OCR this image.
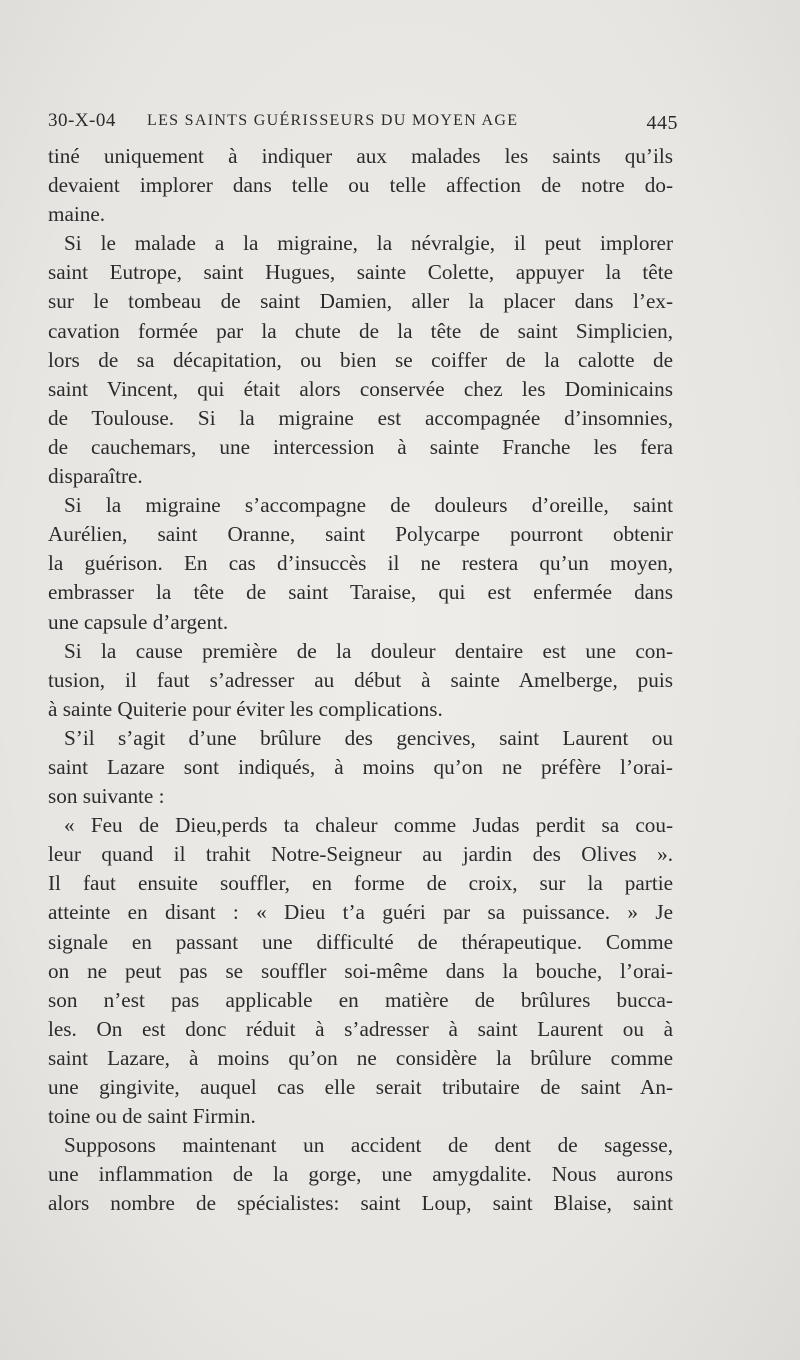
30-X-04 LES SAINTS GUÉRISSEURS DU MOYEN AGE	445
tiné uniquement à indiquer aux malades les saints qu’ils
devaient implorer dans telle ou telle affection de notre do-
maine.
Si le malade a la migraine, la névralgie, il peut implorer
saint Eutrope, saint Hugues, sainte Colette, appuyer la tête
sur le tombeau de saint Damien, aller la placer dans l’ex-
cavation formée par la chute de la tête de saint Simplicien,
lors de sa décapitation, ou bien se coiffer de la calotte de
saint Vincent, qui était alors conservée chez les Dominicains
de Toulouse. Si la migraine est accompagnée d’insomnies,
de cauchemars, une intercession à sainte Franche les fera
disparaître.
Si la migraine s’accompagne de douleurs d’oreille, saint
Aurélien, saint Oranne, saint Polycarpe pourront obtenir
la guérison. En cas d’insuccès il ne restera qu’un moyen,
embrasser la tête de saint Taraise, qui est enfermée dans
une capsule d’argent.
Si la cause première de la douleur dentaire est une con-
tusion, il faut s’adresser au début à sainte Amelberge, puis
à sainte Quiterie pour éviter les complications.
S’il s’agit d’une brûlure des gencives, saint Laurent ou
saint Lazare sont indiqués, à moins qu’on ne préfère l’orai-
son suivante :
« Feu de Dieu,perds ta chaleur comme Judas perdit sa cou-
leur quand il trahit Notre-Seigneur au jardin des Olives ».
Il faut ensuite souffler, en forme de croix, sur la partie
atteinte en disant : « Dieu t’a guéri par sa puissance. » Je
signale en passant une difficulté de thérapeutique. Comme
on ne peut pas se souffler soi-même dans la bouche, l’orai-
son n’est pas applicable en matière de brûlures bucca-
les. On est donc réduit à s’adresser à saint Laurent ou à
saint Lazare, à moins qu’on ne considère la brûlure comme
une gingivite, auquel cas elle serait tributaire de saint An-
toine ou de saint Firmin.
Supposons maintenant un accident de dent de sagesse,
une inflammation de la gorge, une amygdalite. Nous aurons
alors nombre de spécialistes: saint Loup, saint Blaise, saint
